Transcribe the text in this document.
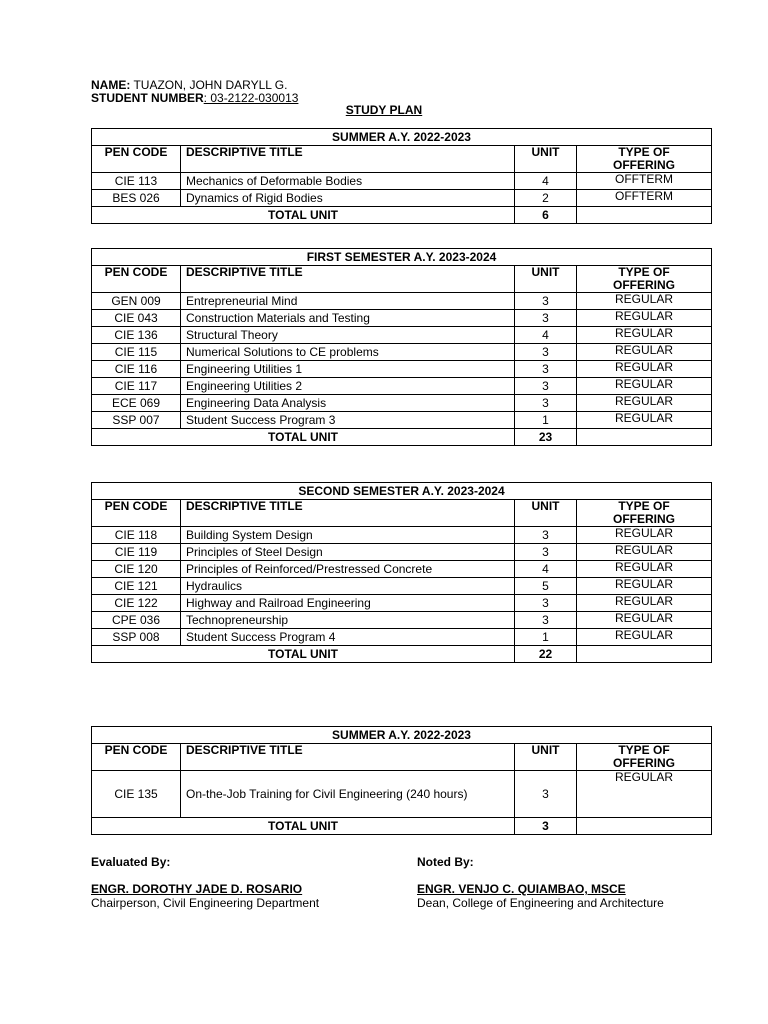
NAME: TUAZON, JOHN DARYLL G.
STUDENT NUMBER: 03-2122-030013
STUDY PLAN
SUMMER A.Y. 2022-2023			
PEN CODE	DESCRIPTIVE TITLE	UNIT	TYPE OF
OFFERING

CIE 113	Mechanics of Deformable Bodies	4	OFFTERM
BES 026	Dynamics of Rigid Bodies	2	OFFTERM
TOTAL UNIT		6	
FIRST SEMESTER A.Y. 2023-2024			
PEN CODE	DESCRIPTIVE TITLE	UNIT	TYPE OF
OFFERING

GEN 009	Entrepreneurial Mind	3	REGULAR
CIE 043	Construction Materials and Testing	3	REGULAR
CIE 136	Structural Theory	4	REGULAR
CIE 115	Numerical Solutions to CE problems	3	REGULAR
CIE 116	Engineering Utilities 1	3	REGULAR
CIE 117	Engineering Utilities 2	3	REGULAR
ECE 069	Engineering Data Analysis	3	REGULAR
SSP 007	Student Success Program 3	1	REGULAR
TOTAL UNIT		23	
SECOND SEMESTER A.Y. 2023-2024			
PEN CODE	DESCRIPTIVE TITLE	UNIT	TYPE OF
OFFERING

CIE 118	Building System Design	3	REGULAR
CIE 119	Principles of Steel Design	3	REGULAR
CIE 120	Principles of Reinforced/Prestressed Concrete	4	REGULAR
CIE 121	Hydraulics	5	REGULAR
CIE 122	Highway and Railroad Engineering	3	REGULAR
CPE 036	Technopreneurship	3	REGULAR
SSP 008	Student Success Program 4	1	REGULAR
TOTAL UNIT		22	
SUMMER A.Y. 2022-2023			
PEN CODE	DESCRIPTIVE TITLE	UNIT	TYPE OF
OFFERING

CIE 135	On-the-Job Training for Civil Engineering (240 hours)	3	REGULAR
TOTAL UNIT		3	
Evaluated By:
ENGR. DOROTHY JADE D. ROSARIO
Chairperson, Civil Engineering Department
Noted By:
ENGR. VENJO C. QUIAMBAO, MSCE
Dean, College of Engineering and Architecture
